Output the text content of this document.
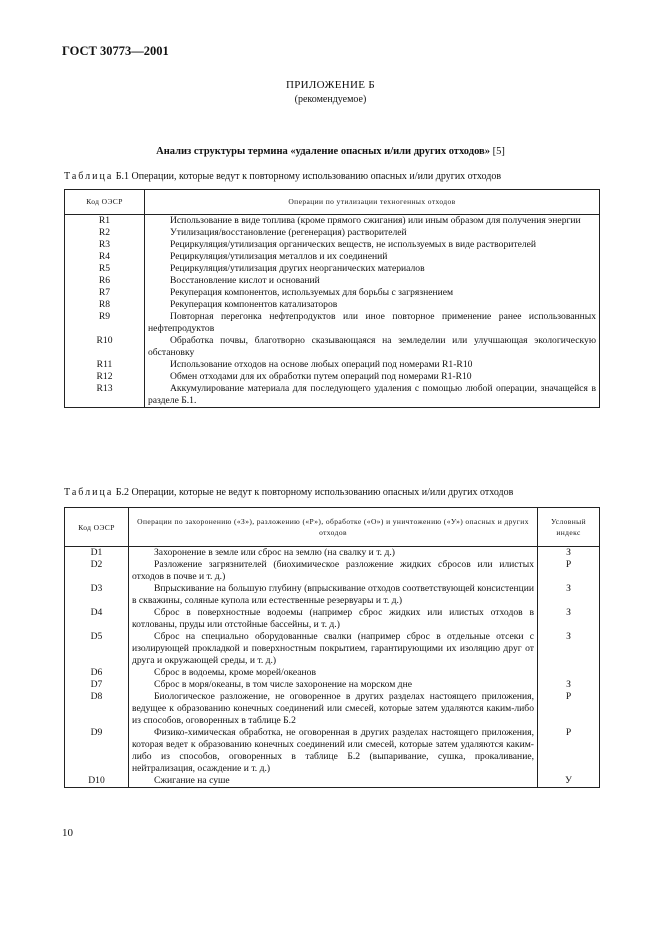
ГОСТ 30773—2001
ПРИЛОЖЕНИЕ Б
(рекомендуемое)
Анализ структуры термина «удаление опасных и/или других отходов» [5]
Таблица Б.1 Операции, которые ведут к повторному использованию опасных и/или других отходов
Код ОЭСР	Операции по утилизации техногенных отходов
R1	Использование в виде топлива (кроме прямого сжигания) или иным образом для получения энергии
R2	Утилизация/восстановление (регенерация) растворителей
R3	Рециркуляция/утилизация органических веществ, не используемых в виде растворителей
R4	Рециркуляция/утилизация металлов и их соединений
R5	Рециркуляция/утилизация других неорганических материалов
R6	Восстановление кислот и оснований
R7	Рекуперация компонентов, используемых для борьбы с загрязнением
R8	Рекуперация компонентов катализаторов
R9	Повторная перегонка нефтепродуктов или иное повторное применение ранее использованных нефтепродуктов
R10	Обработка почвы, благотворно сказывающаяся на земледелии или улучшающая экологическую обстановку
R11	Использование отходов на основе любых операций под номерами R1-R10
R12	Обмен отходами для их обработки путем операций под номерами R1-R10
R13	Аккумулирование материала для последующего удаления с помощью любой операции, значащейся в разделе Б.1.
Таблица Б.2 Операции, которые не ведут к повторному использованию опасных и/или других отходов
Код ОЭСР	Операции по захоронению («З»), разложению («Р»), обработке («О») и уничтожению («У») опасных и других отходов	Условный индекс
D1	Захоронение в земле или сброс на землю (на свалку и т. д.)	З
D2	Разложение загрязнителей (биохимическое разложение жидких сбросов или илистых отходов в почве и т. д.)	Р
D3	Впрыскивание на большую глубину (впрыскивание отходов соответствующей консистенции в скважины, соляные купола или естественные резервуары и т. д.)	З
D4	Сброс в поверхностные водоемы (например сброс жидких или илистых отходов в котлованы, пруды или отстойные бассейны, и т. д.)	З
D5	Сброс на специально оборудованные свалки (например сброс в отдельные отсеки с изолирующей прокладкой и поверхностным покрытием, гарантирующими их изоляцию друг от друга и окружающей среды, и т. д.)	З
D6	Сброс в водоемы, кроме морей/океанов	
D7	Сброс в моря/океаны, в том числе захоронение на морском дне	З
D8	Биологическое разложение, не оговоренное в других разделах настоящего приложения, ведущее к образованию конечных соединений или смесей, которые затем удаляются каким-либо из способов, оговоренных в таблице Б.2	Р
D9	Физико-химическая обработка, не оговоренная в других разделах настоящего приложения, которая ведет к образованию конечных соединений или смесей, которые затем удаляются каким-либо из способов, оговоренных в таблице Б.2 (выпаривание, сушка, прокаливание, нейтрализация, осаждение и т. д.)	Р
D10	Сжигание на суше	У
10
